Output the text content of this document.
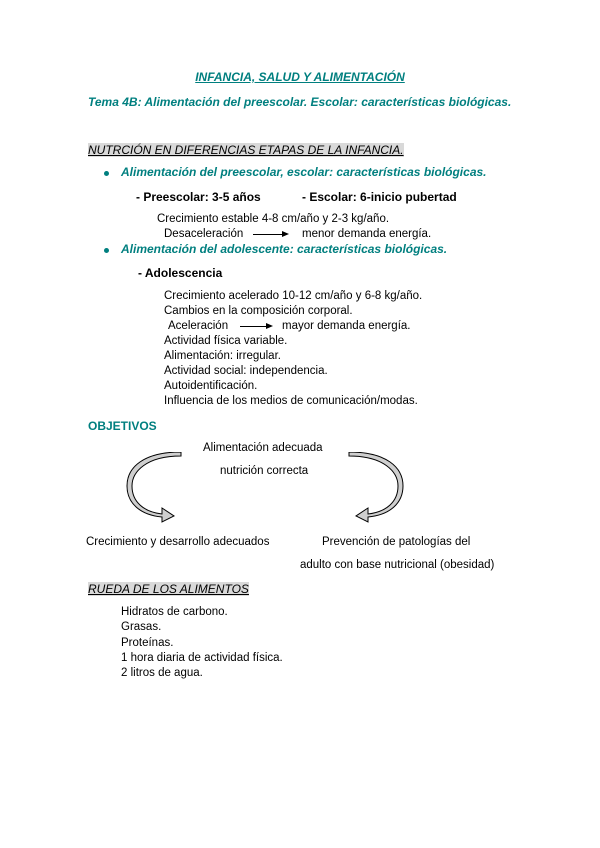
INFANCIA, SALUD Y ALIMENTACIÓN
Tema 4B: Alimentación del preescolar. Escolar: características biológicas.
NUTRCIÓN EN DIFERENCIAS ETAPAS DE LA INFANCIA.
Alimentación del preescolar, escolar: características biológicas.
- Preescolar: 3-5 años	- Escolar: 6-inicio pubertad
Crecimiento estable 4-8 cm/año y 2-3 kg/año.
Desaceleración	menor demanda energía.
Alimentación del adolescente: características biológicas.
- Adolescencia
Crecimiento acelerado 10-12 cm/año y 6-8 kg/año.
Cambios en la composición corporal.
Aceleración	mayor demanda energía.
Actividad física variable.
Alimentación: irregular.
Actividad social: independencia.
Autoidentificación.
Influencia de los medios de comunicación/modas.
OBJETIVOS
Alimentación adecuada
nutrición correcta
Crecimiento y desarrollo adecuados	Prevención de patologías del
adulto con base nutricional (obesidad)
RUEDA DE LOS ALIMENTOS
Hidratos de carbono.
Grasas.
Proteínas.
1 hora diaria de actividad física.
2 litros de agua.
